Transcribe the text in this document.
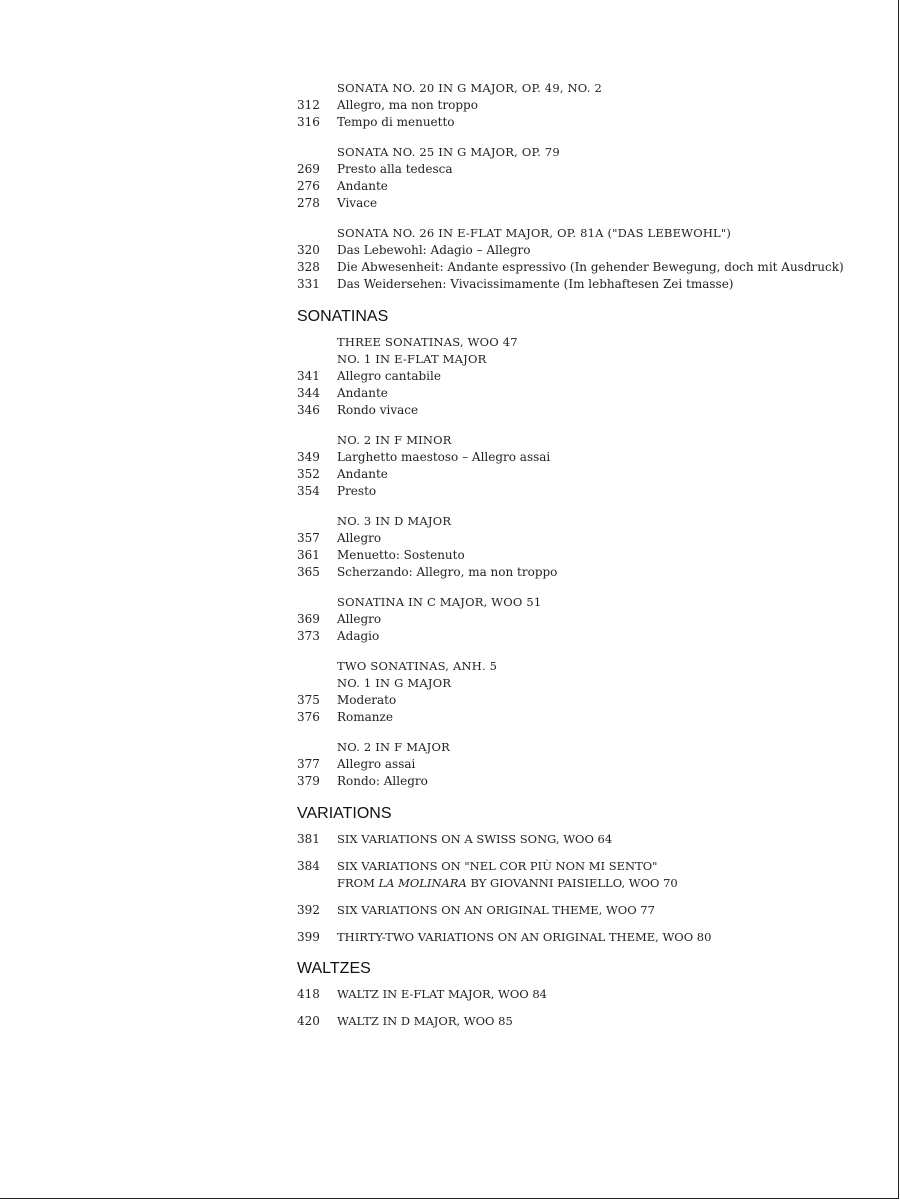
SONATA NO. 20 IN G MAJOR, OP. 49, NO. 2
312	Allegro, ma non troppo
316	Tempo di menuetto
SONATA NO. 25 IN G MAJOR, OP. 79
269	Presto alla tedesca
276	Andante
278	Vivace
SONATA NO. 26 IN E-FLAT MAJOR, OP. 81A ("DAS LEBEWOHL")
320	Das Lebewohl: Adagio – Allegro
328	Die Abwesenheit: Andante espressivo (In gehender Bewegung, doch mit Ausdruck)
331	Das Weidersehen: Vivacissimamente (Im lebhaftesen Zei tmasse)
SONATINAS
THREE SONATINAS, WOO 47
NO. 1 IN E-FLAT MAJOR
341	Allegro cantabile
344	Andante
346	Rondo vivace
NO. 2 IN F MINOR
349	Larghetto maestoso – Allegro assai
352	Andante
354	Presto
NO. 3 IN D MAJOR
357	Allegro
361	Menuetto: Sostenuto
365	Scherzando: Allegro, ma non troppo
SONATINA IN C MAJOR, WOO 51
369	Allegro
373	Adagio
TWO SONATINAS, ANH. 5
NO. 1 IN G MAJOR
375	Moderato
376	Romanze
NO. 2 IN F MAJOR
377	Allegro assai
379	Rondo: Allegro
VARIATIONS
381	SIX VARIATIONS ON A SWISS SONG, WOO 64
384	SIX VARIATIONS ON "NEL COR PIÙ NON MI SENTO"
FROM LA MOLINARA BY GIOVANNI PAISIELLO, WOO 70
392	SIX VARIATIONS ON AN ORIGINAL THEME, WOO 77
399	THIRTY-TWO VARIATIONS ON AN ORIGINAL THEME, WOO 80
WALTZES
418	WALTZ IN E-FLAT MAJOR, WOO 84
420	WALTZ IN D MAJOR, WOO 85
